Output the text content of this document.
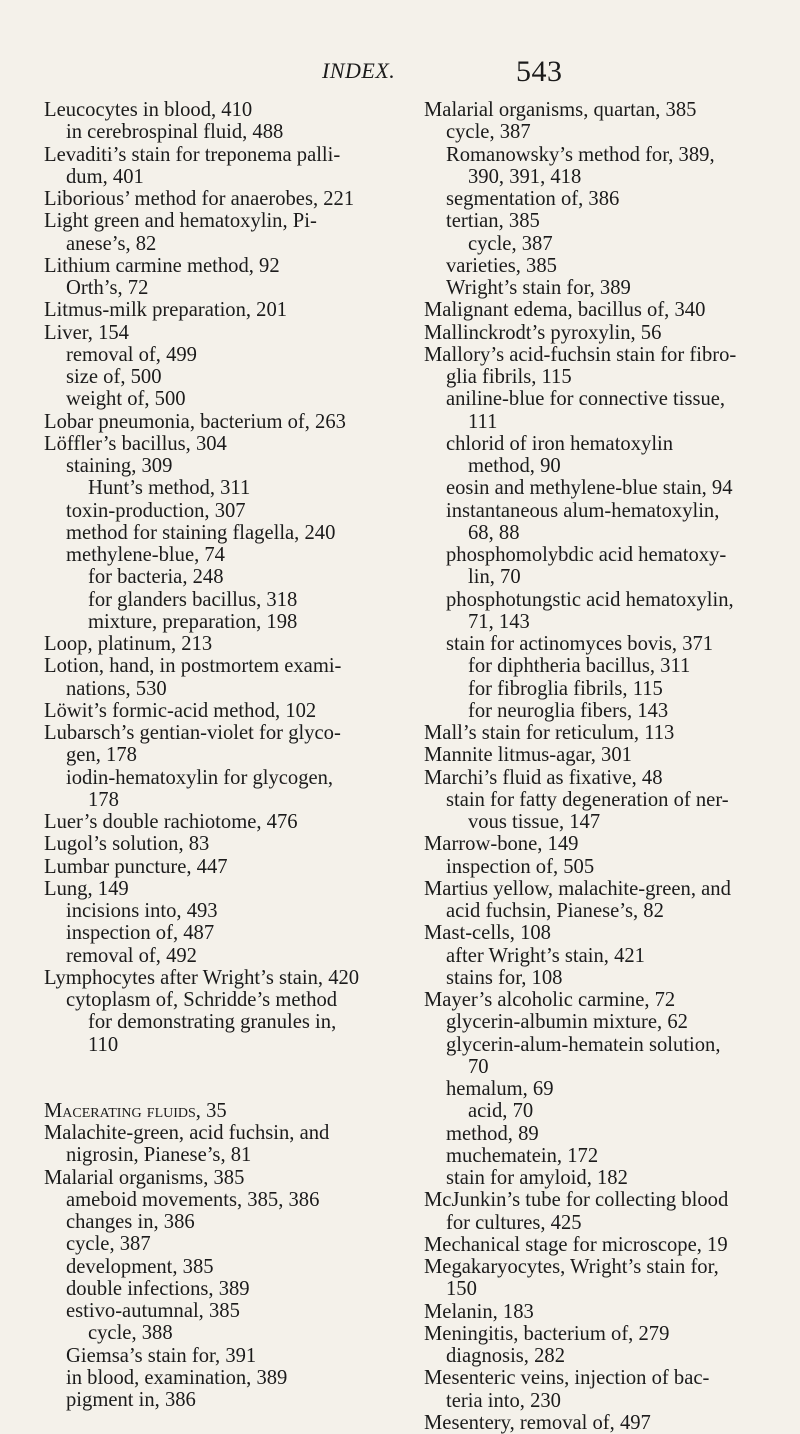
INDEX.	543

Leucocytes in blood, 410

in cerebrospinal fluid, 488

Levaditi’s stain for treponema palli-dum, 401

Liborious’ method for anaerobes, 221

Light green and hematoxylin, Pi-anese’s, 82

Lithium carmine method, 92

Orth’s, 72

Litmus-milk preparation, 201

Liver, 154

removal of, 499

size of, 500

weight of, 500

Lobar pneumonia, bacterium of, 263

Löffler’s bacillus, 304

staining, 309

Hunt’s method, 311

toxin-production, 307

method for staining flagella, 240

methylene-blue, 74

for bacteria, 248

for glanders bacillus, 318

mixture, preparation, 198

Loop, platinum, 213

Lotion, hand, in postmortem exami-nations, 530

Löwit’s formic-acid method, 102

Lubarsch’s gentian-violet for glyco-gen, 178

iodin-hematoxylin for glycogen, 178

Luer’s double rachiotome, 476

Lugol’s solution, 83

Lumbar puncture, 447

Lung, 149

incisions into, 493

inspection of, 487

removal of, 492

Lymphocytes after Wright’s stain, 420

cytoplasm of, Schridde’s method for demonstrating granules in, 110

Macerating fluids, 35

Malachite-green, acid fuchsin, and nigrosin, Pianese’s, 81

Malarial organisms, 385

ameboid movements, 385, 386

changes in, 386

cycle, 387

development, 385

double infections, 389

estivo-autumnal, 385

cycle, 388

Giemsa’s stain for, 391

in blood, examination, 389

pigment in, 386

Malarial organisms, quartan, 385

cycle, 387

Romanowsky’s method for, 389, 390, 391, 418

segmentation of, 386

tertian, 385

cycle, 387

varieties, 385

Wright’s stain for, 389

Malignant edema, bacillus of, 340

Mallinckrodt’s pyroxylin, 56

Mallory’s acid-fuchsin stain for fibro-glia fibrils, 115

aniline-blue for connective tissue, 111

chlorid of iron hematoxylin method, 90

eosin and methylene-blue stain, 94

instantaneous alum-hematoxylin, 68, 88

phosphomolybdic acid hematoxy-lin, 70

phosphotungstic acid hematoxylin, 71, 143

stain for actinomyces bovis, 371

for diphtheria bacillus, 311

for fibroglia fibrils, 115

for neuroglia fibers, 143

Mall’s stain for reticulum, 113

Mannite litmus-agar, 301

Marchi’s fluid as fixative, 48

stain for fatty degeneration of ner-vous tissue, 147

Marrow-bone, 149

inspection of, 505

Martius yellow, malachite-green, and acid fuchsin, Pianese’s, 82

Mast-cells, 108

after Wright’s stain, 421

stains for, 108

Mayer’s alcoholic carmine, 72

glycerin-albumin mixture, 62

glycerin-alum-hematein solution, 70

hemalum, 69

acid, 70

method, 89

muchematein, 172

stain for amyloid, 182

McJunkin’s tube for collecting blood for cultures, 425

Mechanical stage for microscope, 19

Megakaryocytes, Wright’s stain for, 150

Melanin, 183

Meningitis, bacterium of, 279

diagnosis, 282

Mesenteric veins, injection of bac-teria into, 230

Mesentery, removal of, 497
